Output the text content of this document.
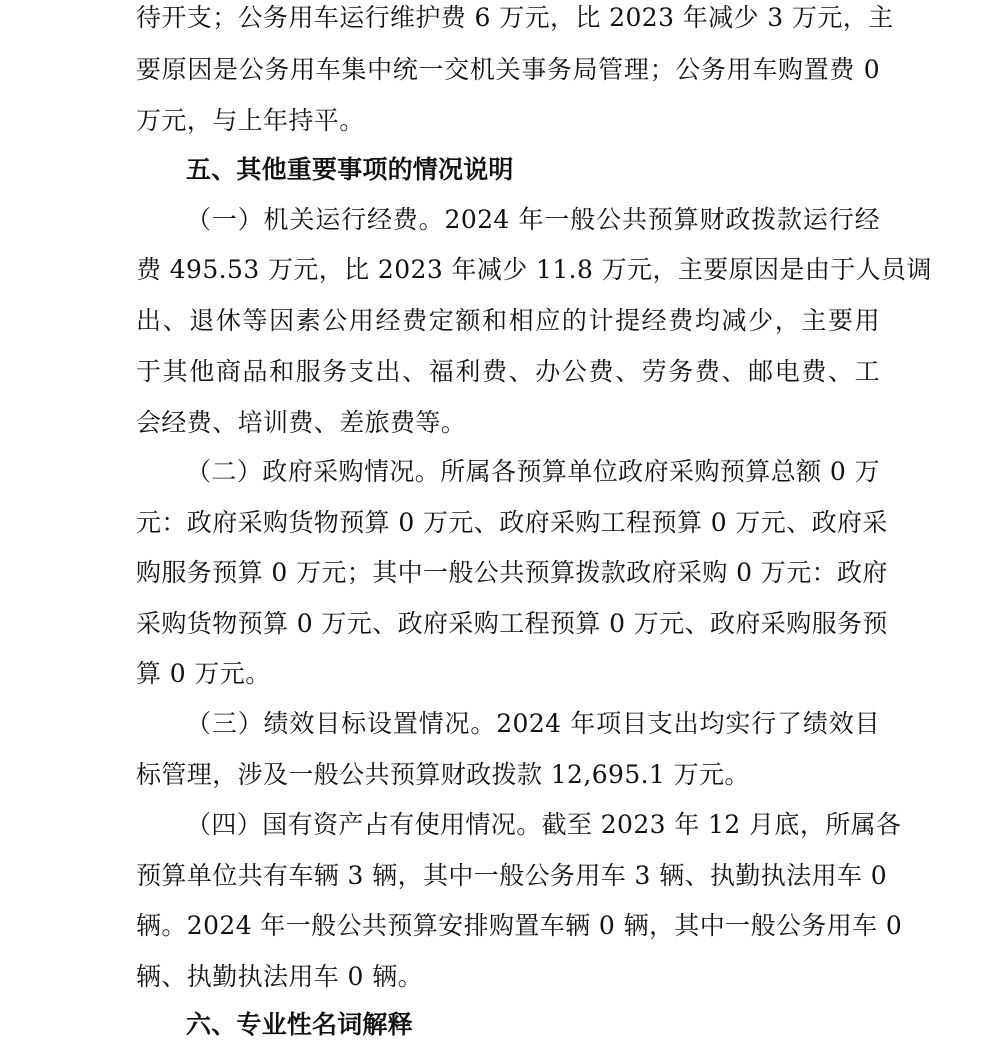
待开支；公务用车运行维护费 6 万元，比 2023 年减少 3 万元，主
要原因是公务用车集中统一交机关事务局管理；公务用车购置费 0
万元，与上年持平。
五、其他重要事项的情况说明
（一）机关运行经费。2024 年一般公共预算财政拨款运行经
费 495.53 万元，比 2023 年减少 11.8 万元，主要原因是由于人员调
出、退休等因素公用经费定额和相应的计提经费均减少，主要用
于其他商品和服务支出、福利费、办公费、劳务费、邮电费、工
会经费、培训费、差旅费等。
（二）政府采购情况。所属各预算单位政府采购预算总额 0 万
元：政府采购货物预算 0 万元、政府采购工程预算 0 万元、政府采
购服务预算 0 万元；其中一般公共预算拨款政府采购 0 万元：政府
采购货物预算 0 万元、政府采购工程预算 0 万元、政府采购服务预
算 0 万元。
（三）绩效目标设置情况。2024 年项目支出均实行了绩效目
标管理，涉及一般公共预算财政拨款 12,695.1 万元。
（四）国有资产占有使用情况。截至 2023 年 12 月底，所属各
预算单位共有车辆 3 辆，其中一般公务用车 3 辆、执勤执法用车 0
辆。2024 年一般公共预算安排购置车辆 0 辆，其中一般公务用车 0
辆、执勤执法用车 0 辆。
六、专业性名词解释
